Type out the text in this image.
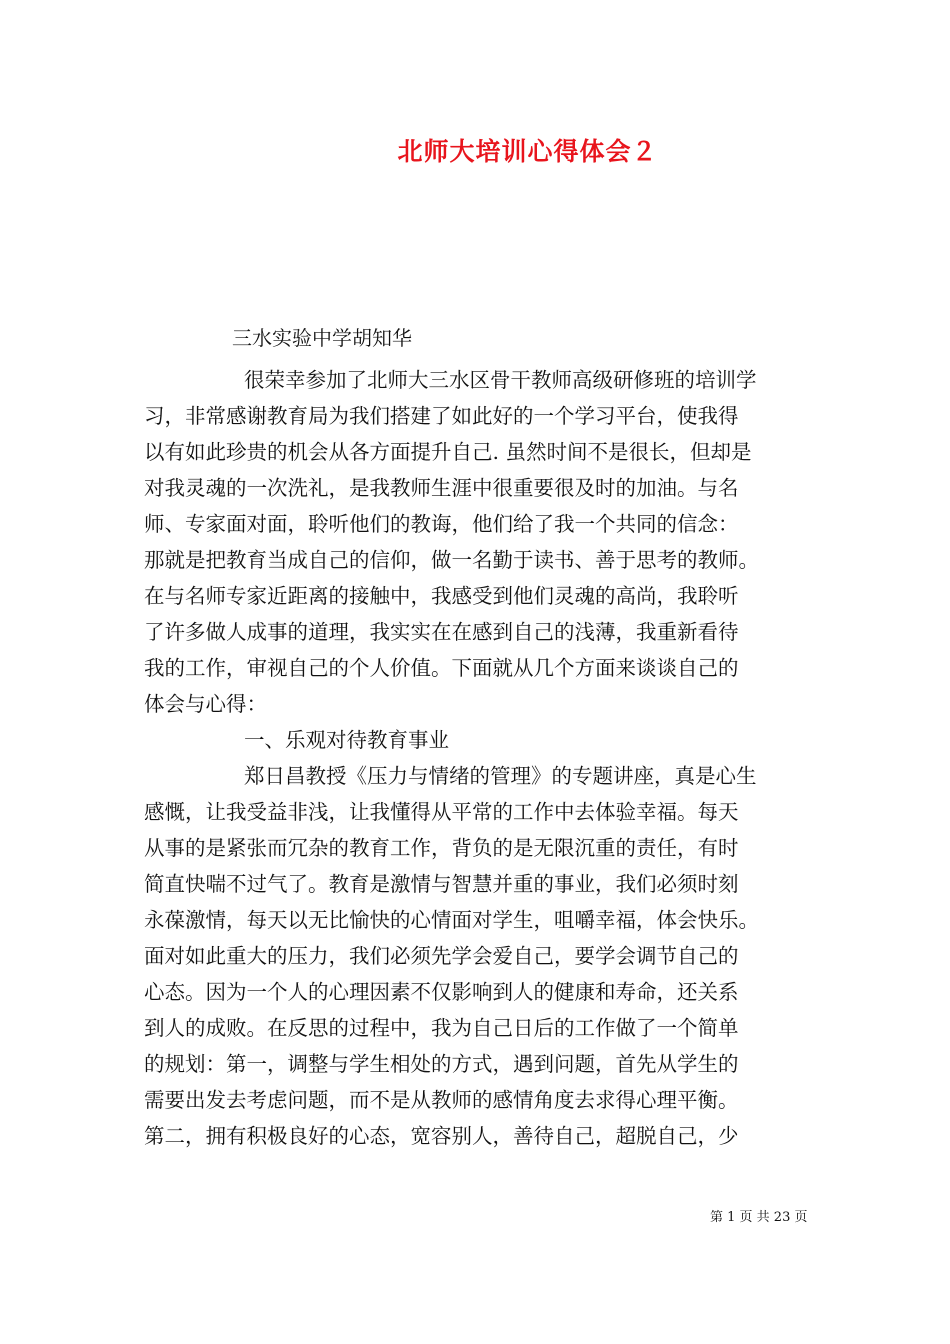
北师大培训心得体会２
三水实验中学胡知华
很荣幸参加了北师大三水区骨干教师高级研修班的培训学
习，非常感谢教育局为我们搭建了如此好的一个学习平台，使我得
以有如此珍贵的机会从各方面提升自己. 虽然时间不是很长，但却是
对我灵魂的一次洗礼，是我教师生涯中很重要很及时的加油。与名
师、专家面对面，聆听他们的教诲，他们给了我一个共同的信念：
那就是把教育当成自己的信仰，做一名勤于读书、善于思考的教师。
在与名师专家近距离的接触中，我感受到他们灵魂的高尚，我聆听
了许多做人成事的道理，我实实在在感到自己的浅薄，我重新看待
我的工作，审视自己的个人价值。下面就从几个方面来谈谈自己的
体会与心得：
一、乐观对待教育事业
郑日昌教授《压力与情绪的管理》的专题讲座，真是心生
感慨，让我受益非浅，让我懂得从平常的工作中去体验幸福。每天
从事的是紧张而冗杂的教育工作，背负的是无限沉重的责任，有时
简直快喘不过气了。教育是激情与智慧并重的事业，我们必须时刻
永葆激情，每天以无比愉快的心情面对学生，咀嚼幸福，体会快乐。
面对如此重大的压力，我们必须先学会爱自己，要学会调节自己的
心态。因为一个人的心理因素不仅影响到人的健康和寿命，还关系
到人的成败。在反思的过程中，我为自己日后的工作做了一个简单
的规划：第一，调整与学生相处的方式，遇到问题，首先从学生的
需要出发去考虑问题，而不是从教师的感情角度去求得心理平衡。
第二，拥有积极良好的心态，宽容别人，善待自己，超脱自己，少
第 1 页 共 23 页
